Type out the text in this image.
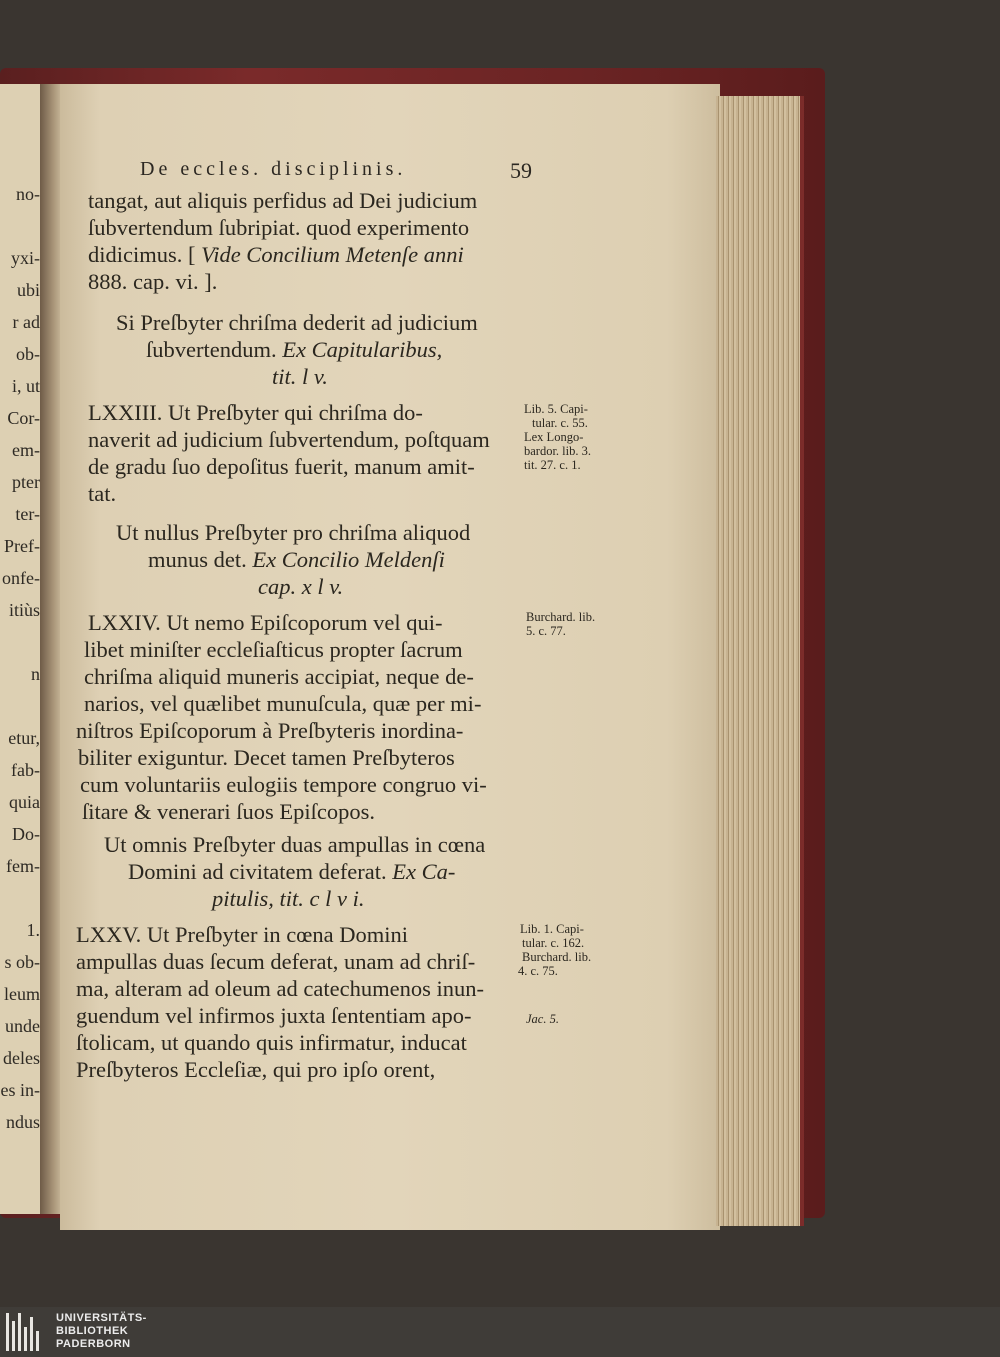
no-
yxi-
ubi
r ad
ob-
i, ut
Cor-
em-
pter
ter-
Pref-
onfe-
itiùs
n
etur,
fab-
quia
Do-
fem-
1.
s ob-
leum
unde
deles
es in-
ndus
De eccles. disciplinis.	59
tangat, aut aliquis perfidus ad Dei judicium
ſubvertendum ſubripiat. quod experimento
didicimus. [ Vide Concilium Metenſe anni
888. cap. vi. ].
Si Preſbyter chriſma dederit ad judicium
ſubvertendum. Ex Capitularibus,
tit. l v.
LXXIII. Ut Preſbyter qui chriſma do-
naverit ad judicium ſubvertendum, poſtquam
de gradu ſuo depoſitus fuerit, manum amit-
tat.
Ut nullus Preſbyter pro chriſma aliquod
munus det. Ex Concilio Meldenſi
cap. x l v.
LXXIV. Ut nemo Epiſcoporum vel qui-
libet miniſter eccleſiaſticus propter ſacrum
chriſma aliquid muneris accipiat, neque de-
narios, vel quælibet munuſcula, quæ per mi-
niſtros Epiſcoporum à Preſbyteris inordina-
biliter exiguntur. Decet tamen Preſbyteros
cum voluntariis eulogiis tempore congruo vi-
ſitare & venerari ſuos Epiſcopos.
Ut omnis Preſbyter duas ampullas in cœna
Domini ad civitatem deferat. Ex Ca-
pitulis, tit. c l v i.
LXXV. Ut Preſbyter in cœna Domini
ampullas duas ſecum deferat, unam ad chriſ-
ma, alteram ad oleum ad catechumenos inun-
guendum vel infirmos juxta ſententiam apo-
ſtolicam, ut quando quis infirmatur, inducat
Preſbyteros Eccleſiæ, qui pro ipſo orent,
Lib. 5. Capi-
tular. c. 55.
Lex Longo-
bardor. lib. 3.
tit. 27. c. 1.
Burchard. lib.
5. c. 77.
Lib. 1. Capi-
tular. c. 162.
Burchard. lib.
4. c. 75.
Jac. 5.
UNIVERSITÄTS-
BIBLIOTHEK
PADERBORN
